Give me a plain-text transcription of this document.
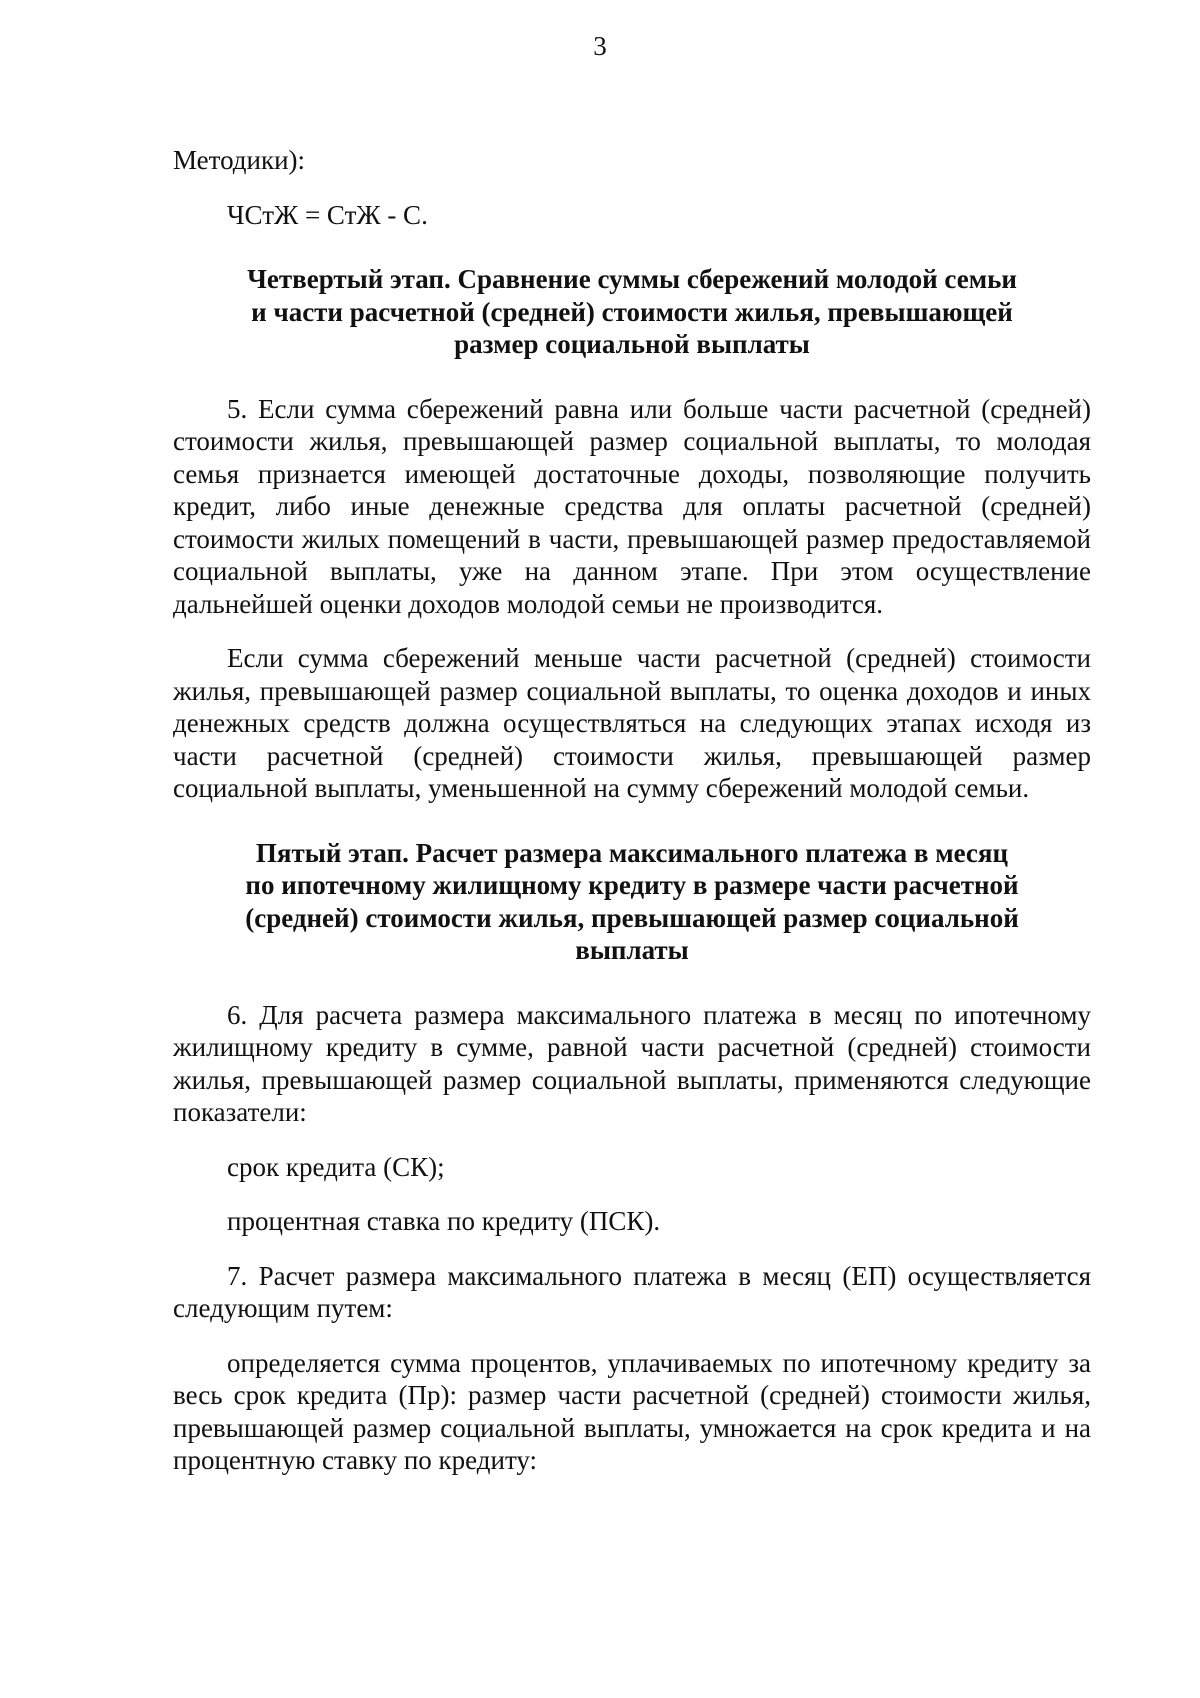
3

Методики):

ЧСтЖ = СтЖ - С.

Четвертый этап. Сравнение суммы сбережений молодой семьи
и части расчетной (средней) стоимости жилья, превышающей
размер социальной выплаты

5. Если сумма сбережений равна или больше части расчетной (средней) стоимости жилья, превышающей размер социальной выплаты, то молодая семья признается имеющей достаточные доходы, позволяющие получить кредит, либо иные денежные средства для оплаты расчетной (средней) стоимости жилых помещений в части, превышающей размер предоставляемой социальной выплаты, уже на данном этапе. При этом осуществление дальнейшей оценки доходов молодой семьи не производится.

Если сумма сбережений меньше части расчетной (средней) стоимости жилья, превышающей размер социальной выплаты, то оценка доходов и иных денежных средств должна осуществляться на следующих этапах исходя из части расчетной (средней) стоимости жилья, превышающей размер социальной выплаты, уменьшенной на сумму сбережений молодой семьи.

Пятый этап. Расчет размера максимального платежа в месяц
по ипотечному жилищному кредиту в размере части расчетной
(средней) стоимости жилья, превышающей размер социальной
выплаты

6. Для расчета размера максимального платежа в месяц по ипотечному жилищному кредиту в сумме, равной части расчетной (средней) стоимости жилья, превышающей размер социальной выплаты, применяются следующие показатели:

срок кредита (СК);

процентная ставка по кредиту (ПСК).

7. Расчет размера максимального платежа в месяц (ЕП) осуществляется следующим путем:

определяется сумма процентов, уплачиваемых по ипотечному кредиту за весь срок кредита (Пр): размер части расчетной (средней) стоимости жилья, превышающей размер социальной выплаты, умножается на срок кредита и на процентную ставку по кредиту:
